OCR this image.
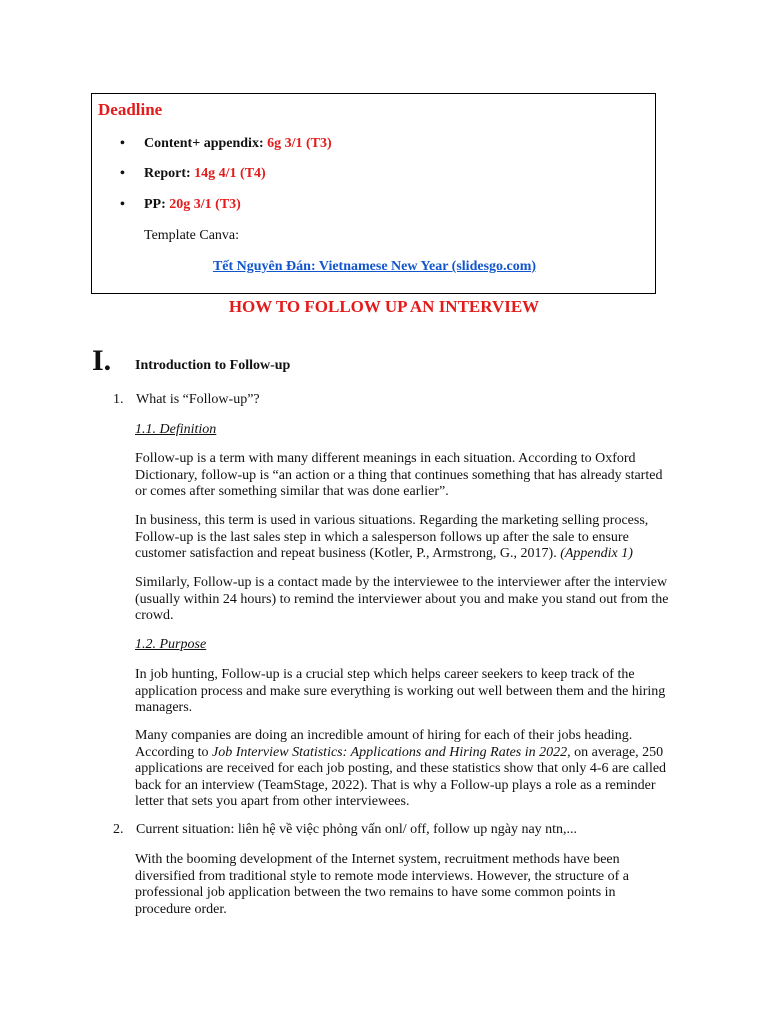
Deadline
• Content+ appendix: 6g 3/1 (T3)
• Report: 14g 4/1 (T4)
• PP: 20g 3/1 (T3)
Template Canva:
Tết Nguyên Đán: Vietnamese New Year (slidesgo.com)
HOW TO FOLLOW UP AN INTERVIEW
I. Introduction to Follow-up
1. What is “Follow-up”?
1.1. Definition

Follow-up is a term with many different meanings in each situation. According to Oxford Dictionary, follow-up is “an action or a thing that continues something that has already started or comes after something similar that was done earlier”.

In business, this term is used in various situations. Regarding the marketing selling process, Follow-up is the last sales step in which a salesperson follows up after the sale to ensure customer satisfaction and repeat business (Kotler, P., Armstrong, G., 2017). (Appendix 1)

Similarly, Follow-up is a contact made by the interviewee to the interviewer after the interview (usually within 24 hours) to remind the interviewer about you and make you stand out from the crowd.

1.2. Purpose

In job hunting, Follow-up is a crucial step which helps career seekers to keep track of the application process and make sure everything is working out well between them and the hiring managers.

Many companies are doing an incredible amount of hiring for each of their jobs heading. According to Job Interview Statistics: Applications and Hiring Rates in 2022, on average, 250 applications are received for each job posting, and these statistics show that only 4-6 are called back for an interview (TeamStage, 2022). That is why a Follow-up plays a role as a reminder letter that sets you apart from other interviewees.

2. Current situation: liên hệ về việc phỏng vấn onl/ off, follow up ngày nay ntn,...

With the booming development of the Internet system, recruitment methods have been diversified from traditional style to remote mode interviews. However, the structure of a professional job application between the two remains to have some common points in procedure order.
